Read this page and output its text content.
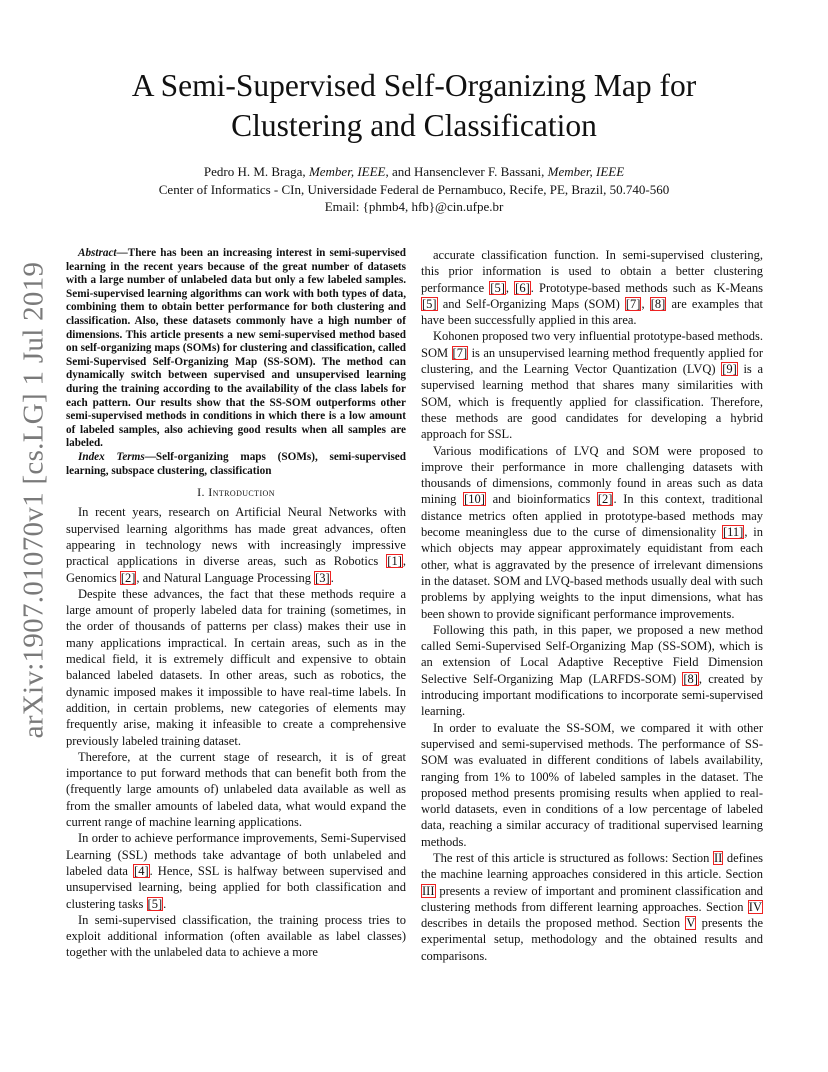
arXiv:1907.01070v1 [cs.LG] 1 Jul 2019
A Semi-Supervised Self-Organizing Map for
Clustering and Classification
Pedro H. M. Braga, Member, IEEE, and Hansenclever F. Bassani, Member, IEEE
Center of Informatics - CIn, Universidade Federal de Pernambuco, Recife, PE, Brazil, 50.740-560
Email: {phmb4, hfb}@cin.ufpe.br

Abstract—There has been an increasing interest in semi-supervised learning in the recent years because of the great number of datasets with a large number of unlabeled data but only a few labeled samples. Semi-supervised learning algorithms can work with both types of data, combining them to obtain better performance for both clustering and classification. Also, these datasets commonly have a high number of dimensions. This article presents a new semi-supervised method based on self-organizing maps (SOMs) for clustering and classification, called Semi-Supervised Self-Organizing Map (SS-SOM). The method can dynamically switch between supervised and unsupervised learning during the training according to the availability of the class labels for each pattern. Our results show that the SS-SOM outperforms other semi-supervised methods in conditions in which there is a low amount of labeled samples, also achieving good results when all samples are labeled.

Index Terms—Self-organizing maps (SOMs), semi-supervised learning, subspace clustering, classification

I. Introduction

In recent years, research on Artificial Neural Networks with supervised learning algorithms has made great advances, often appearing in technology news with increasingly impressive practical applications in diverse areas, such as Robotics [1], Genomics [2], and Natural Language Processing [3].

Despite these advances, the fact that these methods require a large amount of properly labeled data for training (sometimes, in the order of thousands of patterns per class) makes their use in many applications impractical. In certain areas, such as in the medical field, it is extremely difficult and expensive to obtain balanced labeled datasets. In other areas, such as robotics, the dynamic imposed makes it impossible to have real-time labels. In addition, in certain problems, new categories of elements may frequently arise, making it infeasible to create a comprehensive previously labeled training dataset.

Therefore, at the current stage of research, it is of great importance to put forward methods that can benefit both from the (frequently large amounts of) unlabeled data available as well as from the smaller amounts of labeled data, what would expand the current range of machine learning applications.

In order to achieve performance improvements, Semi-Supervised Learning (SSL) methods take advantage of both unlabeled and labeled data [4]. Hence, SSL is halfway between supervised and unsupervised learning, being applied for both classification and clustering tasks [5].

In semi-supervised classification, the training process tries to exploit additional information (often available as label classes) together with the unlabeled data to achieve a more

accurate classification function. In semi-supervised clustering, this prior information is used to obtain a better clustering performance [5], [6]. Prototype-based methods such as K-Means [5] and Self-Organizing Maps (SOM) [7], [8] are examples that have been successfully applied in this area.

Kohonen proposed two very influential prototype-based methods. SOM [7] is an unsupervised learning method frequently applied for clustering, and the Learning Vector Quantization (LVQ) [9] is a supervised learning method that shares many similarities with SOM, which is frequently applied for classification. Therefore, these methods are good candidates for developing a hybrid approach for SSL.

Various modifications of LVQ and SOM were proposed to improve their performance in more challenging datasets with thousands of dimensions, commonly found in areas such as data mining [10] and bioinformatics [2]. In this context, traditional distance metrics often applied in prototype-based methods may become meaningless due to the curse of dimensionality [11], in which objects may appear approximately equidistant from each other, what is aggravated by the presence of irrelevant dimensions in the dataset. SOM and LVQ-based methods usually deal with such problems by applying weights to the input dimensions, what has been shown to provide significant performance improvements.

Following this path, in this paper, we proposed a new method called Semi-Supervised Self-Organizing Map (SS-SOM), which is an extension of Local Adaptive Receptive Field Dimension Selective Self-Organizing Map (LARFDS-SOM) [8], created by introducing important modifications to incorporate semi-supervised learning.

In order to evaluate the SS-SOM, we compared it with other supervised and semi-supervised methods. The performance of SS-SOM was evaluated in different conditions of labels availability, ranging from 1% to 100% of labeled samples in the dataset. The proposed method presents promising results when applied to real-world datasets, even in conditions of a low percentage of labeled data, reaching a similar accuracy of traditional supervised learning methods.

The rest of this article is structured as follows: Section II defines the machine learning approaches considered in this article. Section III presents a review of important and prominent classification and clustering methods from different learning approaches. Section IV describes in details the proposed method. Section V presents the experimental setup, methodology and the obtained results and comparisons.
